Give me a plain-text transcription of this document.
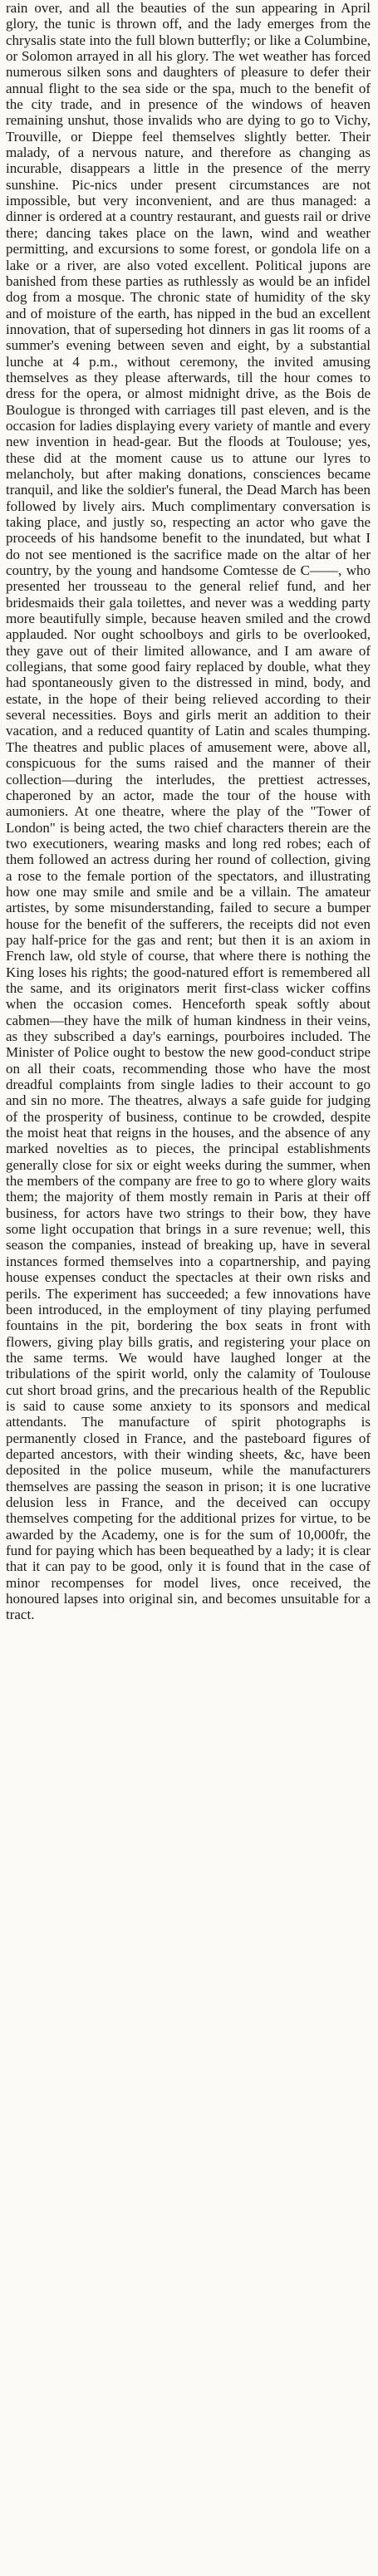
rain over, and all the beauties of the sun appearing in April glory, the tunic is thrown off, and the lady emerges from the chrysalis state into the full blown butterfly; or like a Columbine, or Solomon arrayed in all his glory. The wet weather has forced numerous silken sons and daughters of pleasure to defer their annual flight to the sea side or the spa, much to the benefit of the city trade, and in presence of the windows of heaven remaining unshut, those invalids who are dying to go to Vichy, Trouville, or Dieppe feel themselves slightly better. Their malady, of a nervous nature, and therefore as changing as incurable, disappears a little in the presence of the merry sunshine. Pic-nics under present circumstances are not impossible, but very inconvenient, and are thus managed: a dinner is ordered at a country restaurant, and guests rail or drive there; dancing takes place on the lawn, wind and weather permitting, and excursions to some forest, or gondola life on a lake or a river, are also voted excellent. Political jupons are banished from these parties as ruthlessly as would be an infidel dog from a mosque. The chronic state of humidity of the sky and of moisture of the earth, has nipped in the bud an excellent innovation, that of superseding hot dinners in gas lit rooms of a summer's evening between seven and eight, by a substantial lunche at 4 p.m., without ceremony, the invited amusing themselves as they please afterwards, till the hour comes to dress for the opera, or almost midnight drive, as the Bois de Boulogue is thronged with carriages till past eleven, and is the occasion for ladies displaying every variety of mantle and every new invention in head-gear. But the floods at Toulouse; yes, these did at the moment cause us to attune our lyres to melancholy, but after making donations, consciences became tranquil, and like the soldier's funeral, the Dead March has been followed by lively airs. Much complimentary conversation is taking place, and justly so, respecting an actor who gave the proceeds of his handsome benefit to the inundated, but what I do not see mentioned is the sacrifice made on the altar of her country, by the young and handsome Comtesse de C——, who presented her trousseau to the general relief fund, and her bridesmaids their gala toilettes, and never was a wedding party more beautifully simple, because heaven smiled and the crowd applauded. Nor ought schoolboys and girls to be overlooked, they gave out of their limited allowance, and I am aware of collegians, that some good fairy replaced by double, what they had spontaneously given to the distressed in mind, body, and estate, in the hope of their being relieved according to their several necessities. Boys and girls merit an addition to their vacation, and a reduced quantity of Latin and scales thumping. The theatres and public places of amusement were, above all, conspicuous for the sums raised and the manner of their collection—during the interludes, the prettiest actresses, chaperoned by an actor, made the tour of the house with aumoniers. At one theatre, where the play of the "Tower of London" is being acted, the two chief characters therein are the two executioners, wearing masks and long red robes; each of them followed an actress during her round of collection, giving a rose to the female portion of the spectators, and illustrating how one may smile and smile and be a villain. The amateur artistes, by some misunderstanding, failed to secure a bumper house for the benefit of the sufferers, the receipts did not even pay half-price for the gas and rent; but then it is an axiom in French law, old style of course, that where there is nothing the King loses his rights; the good-natured effort is remembered all the same, and its originators merit first-class wicker coffins when the occasion comes. Henceforth speak softly about cabmen—they have the milk of human kindness in their veins, as they subscribed a day's earnings, pourboires included. The Minister of Police ought to bestow the new good-conduct stripe on all their coats, recommending those who have the most dreadful complaints from single ladies to their account to go and sin no more. The theatres, always a safe guide for judging of the prosperity of business, continue to be crowded, despite the moist heat that reigns in the houses, and the absence of any marked novelties as to pieces, the principal establishments generally close for six or eight weeks during the summer, when the members of the company are free to go to where glory waits them; the majority of them mostly remain in Paris at their off business, for actors have two strings to their bow, they have some light occupation that brings in a sure revenue; well, this season the companies, instead of breaking up, have in several instances formed themselves into a copartnership, and paying house expenses conduct the spectacles at their own risks and perils. The experiment has succeeded; a few innovations have been introduced, in the employment of tiny playing perfumed fountains in the pit, bordering the box seats in front with flowers, giving play bills gratis, and registering your place on the same terms. We would have laughed longer at the tribulations of the spirit world, only the calamity of Toulouse cut short broad grins, and the precarious health of the Republic is said to cause some anxiety to its sponsors and medical attendants. The manufacture of spirit photographs is permanently closed in France, and the pasteboard figures of departed ancestors, with their winding sheets, &c, have been deposited in the police museum, while the manufacturers themselves are passing the season in prison; it is one lucrative delusion less in France, and the deceived can occupy themselves competing for the additional prizes for virtue, to be awarded by the Academy, one is for the sum of 10,000fr, the fund for paying which has been bequeathed by a lady; it is clear that it can pay to be good, only it is found that in the case of minor recompenses for model lives, once received, the honoured lapses into original sin, and becomes unsuitable for a tract.
